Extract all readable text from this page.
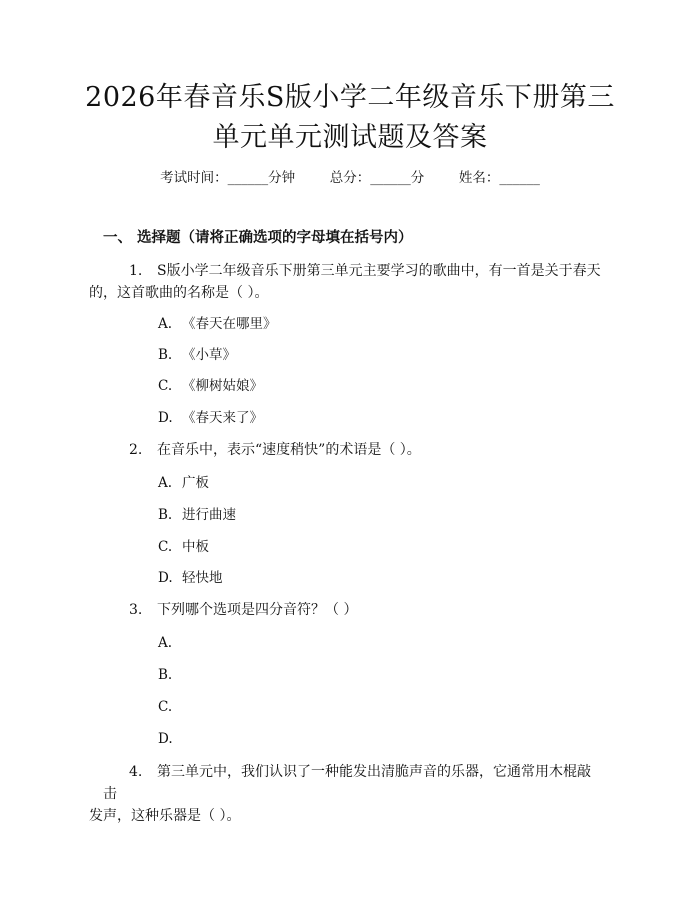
2026年春音乐S版小学二年级音乐下册第三
单元单元测试题及答案
考试时间：______分钟	总分：______分	姓名：______
一、 选择题（请将正确选项的字母填在括号内）
1. S版小学二年级音乐下册第三单元主要学习的歌曲中，有一首是关于春天
的，这首歌曲的名称是（ ）。
A. 《春天在哪里》
B. 《小草》
C. 《柳树姑娘》
D. 《春天来了》
2. 在音乐中，表示“速度稍快”的术语是（ ）。
A. 广板
B. 进行曲速
C. 中板
D. 轻快地
3. 下列哪个选项是四分音符？（ ）
A.
B.
C.
D.
4. 第三单元中，我们认识了一种能发出清脆声音的乐器，它通常用木棍敲击
发声，这种乐器是（ ）。
